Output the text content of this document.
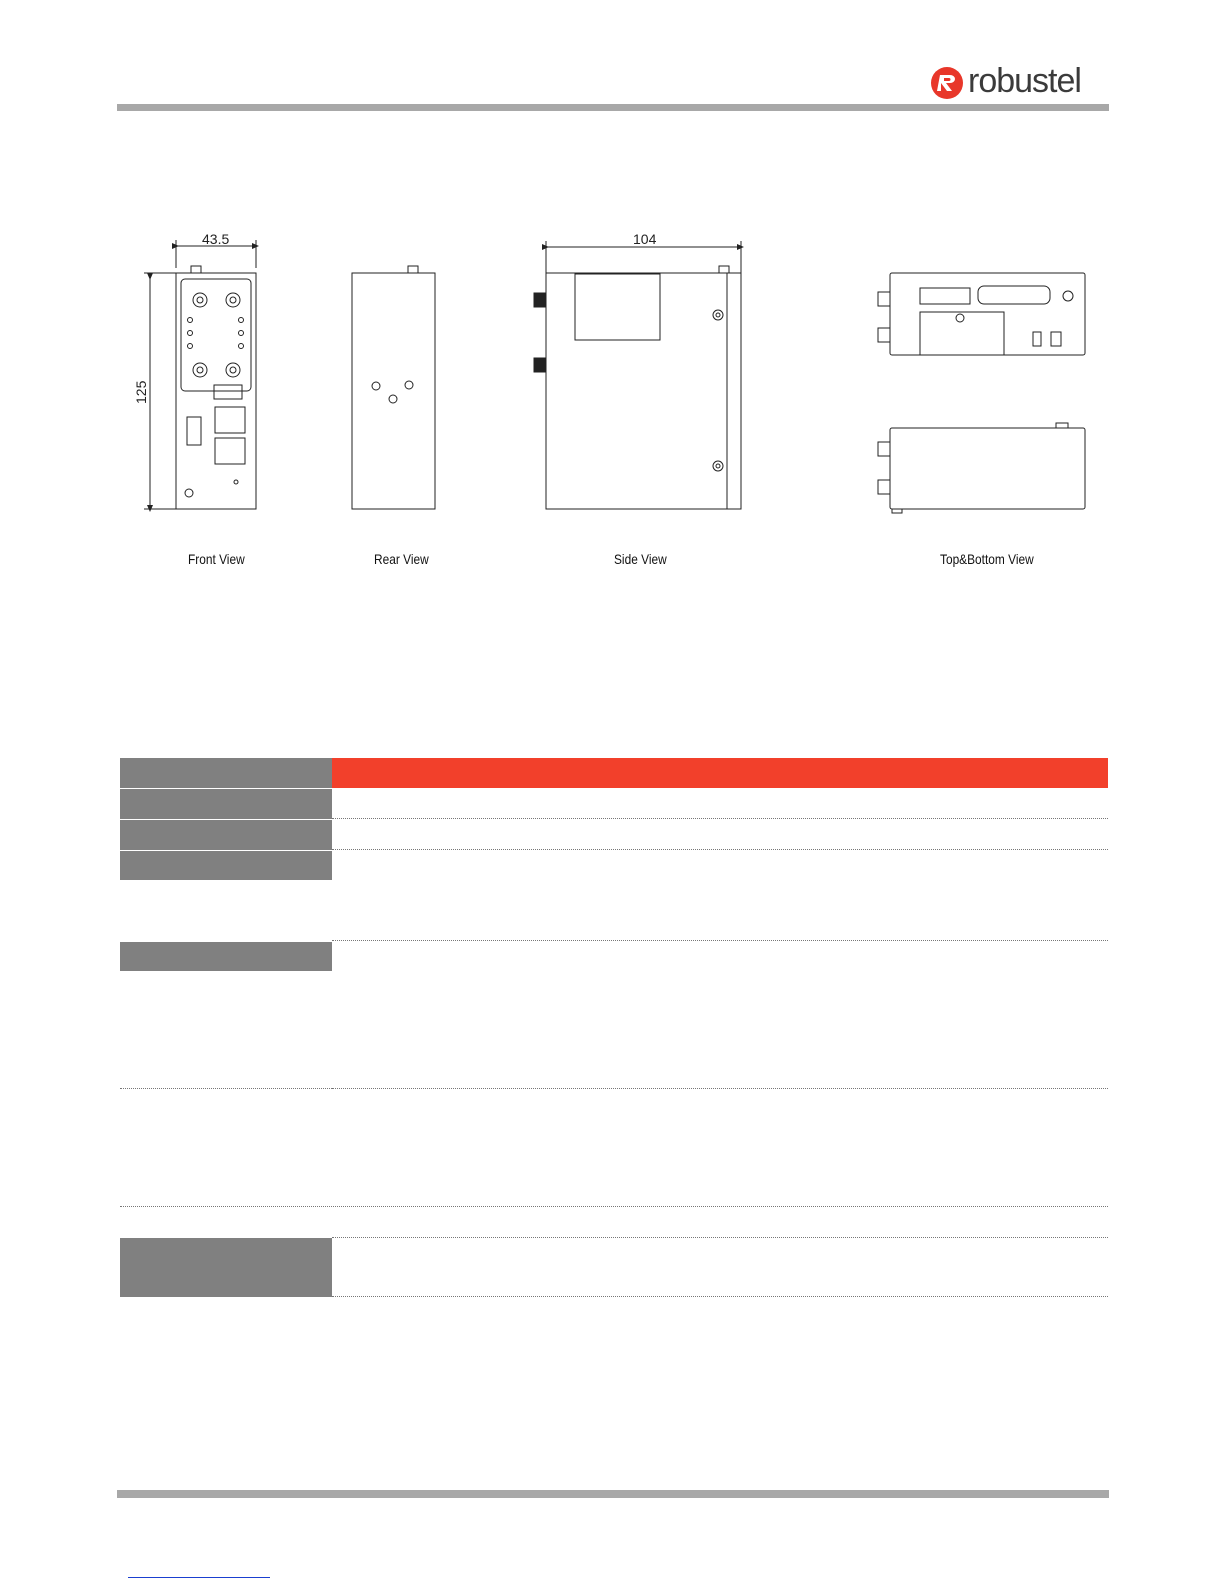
robustel
43.5
125
104
Front View	Rear View	Side View	Top&Bottom View
